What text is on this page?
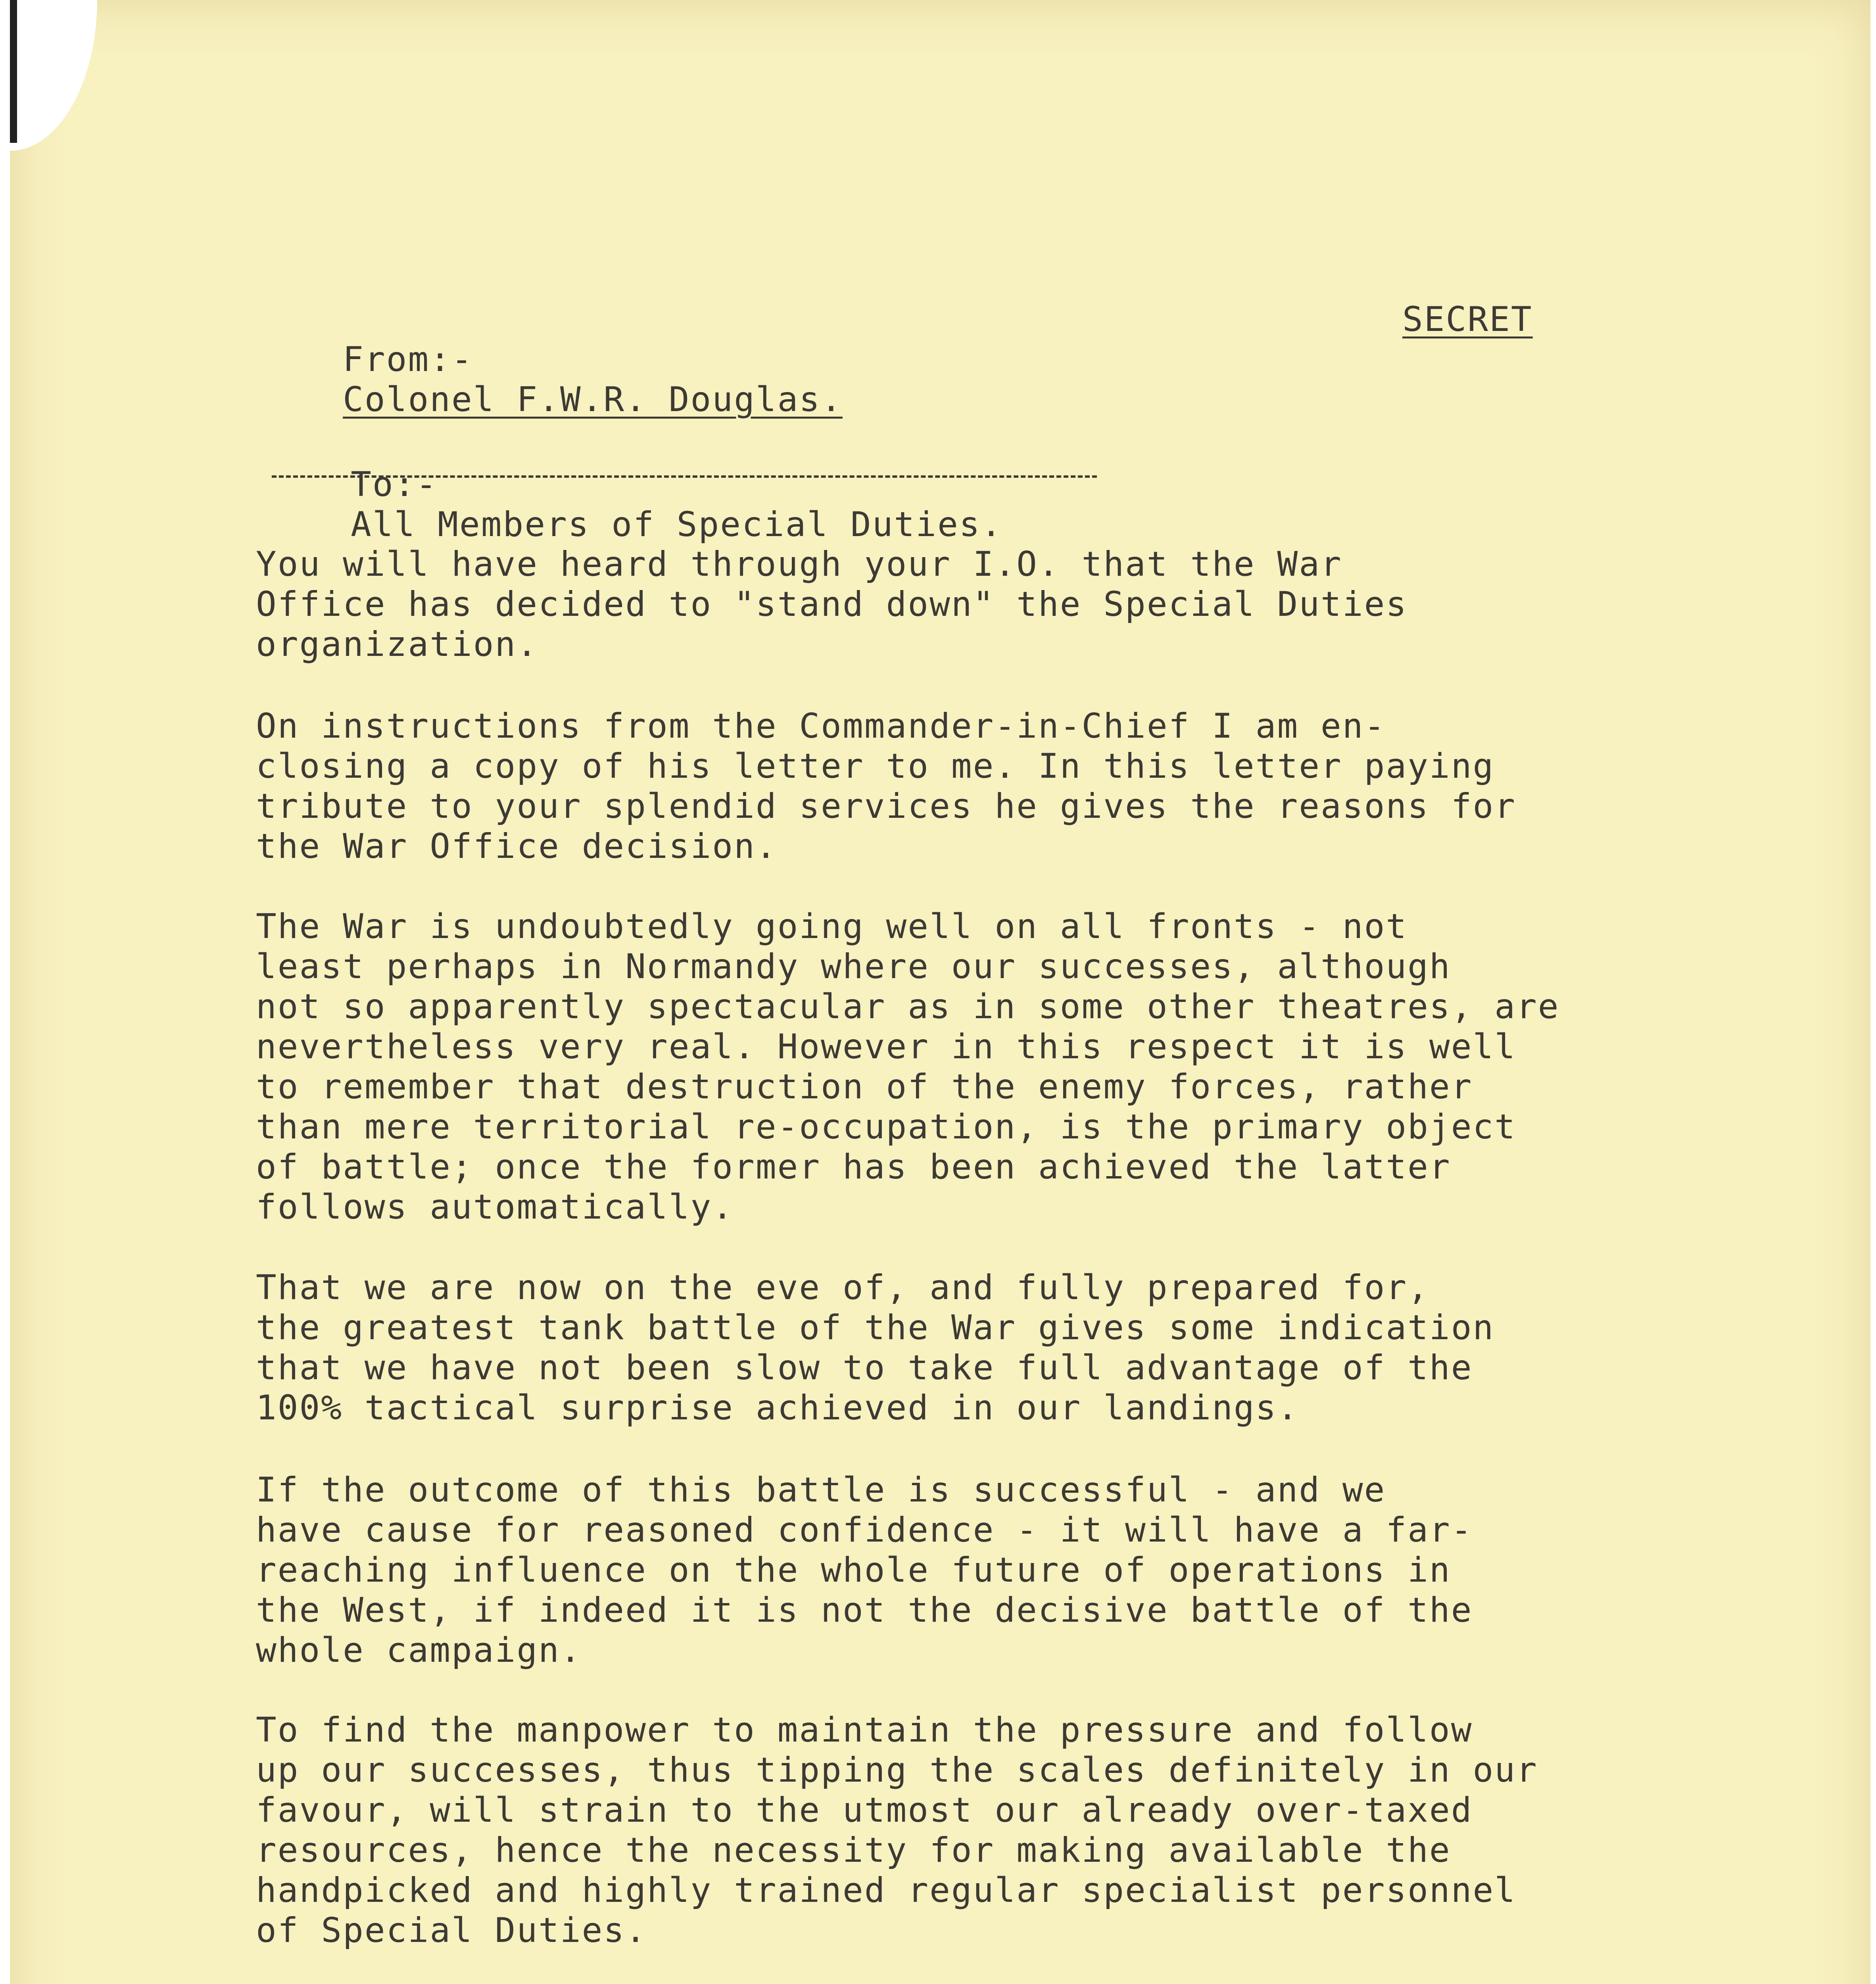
From:-
Colonel F.W.R. Douglas.

SECRET

To:-
All Members of Special Duties.

You will have heard through your I.O. that the War
Office has decided to "stand down" the Special Duties
organization.
On instructions from the Commander-in-Chief I am en-
closing a copy of his letter to me. In this letter paying
tribute to your splendid services he gives the reasons for
the War Office decision.
The War is undoubtedly going well on all fronts - not
least perhaps in Normandy where our successes, although
not so apparently spectacular as in some other theatres, are
nevertheless very real. However in this respect it is well
to remember that destruction of the enemy forces, rather
than mere territorial re-occupation, is the primary object
of battle; once the former has been achieved the latter
follows automatically.
That we are now on the eve of, and fully prepared for,
the greatest tank battle of the War gives some indication
that we have not been slow to take full advantage of the
100% tactical surprise achieved in our landings.
If the outcome of this battle is successful - and we
have cause for reasoned confidence - it will have a far-
reaching influence on the whole future of operations in
the West, if indeed it is not the decisive battle of the
whole campaign.
To find the manpower to maintain the pressure and follow
up our successes, thus tipping the scales definitely in our
favour, will strain to the utmost our already over-taxed
resources, hence the necessity for making available the
handpicked and highly trained regular specialist personnel
of Special Duties.
